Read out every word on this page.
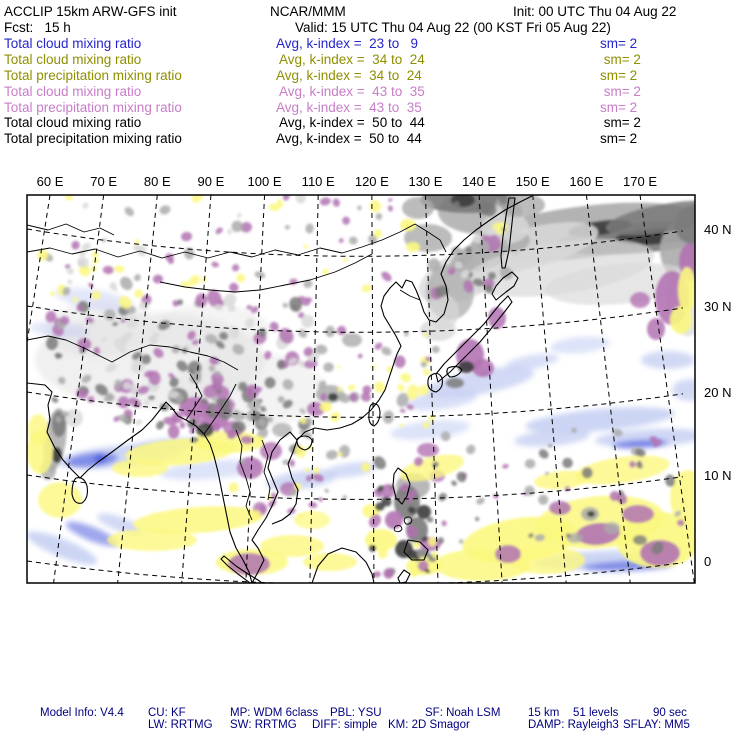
ACCLIP 15km ARW-GFS init	NCAR/MMM	Init: 00 UTC Thu 04 Aug 22
Fcst:   15 h	Valid: 15 UTC Thu 04 Aug 22 (00 KST Fri 05 Aug 22)
Total cloud mixing ratio	Avg, k-index =  23 to   9	sm= 2
Total cloud mixing ratio	Avg, k-index =  34 to  24	sm= 2
Total precipitation mixing ratio	Avg, k-index =  34 to  24	sm= 2
Total cloud mixing ratio	Avg, k-index =  43 to  35	sm= 2
Total precipitation mixing ratio	Avg, k-index =  43 to  35	sm= 2
Total cloud mixing ratio	Avg, k-index =  50 to  44	sm= 2
Total precipitation mixing ratio	Avg, k-index =  50 to  44	sm= 2
60 E 70 E 80 E 90 E 100 E 110 E 120 E 130 E 140 E 150 E 160 E 170 E
40 N
30 N
20 N
10 N
0
Model Info: V4.4 CU: KF	MP: WDM 6class PBL: YSU	SF: Noah LSM 15 km 51 levels	90 sec
LW: RRTMG SW: RRTMG DIFF: simple KM: 2D Smagor	DAMP: Rayleigh3 SFLAY: MM5
